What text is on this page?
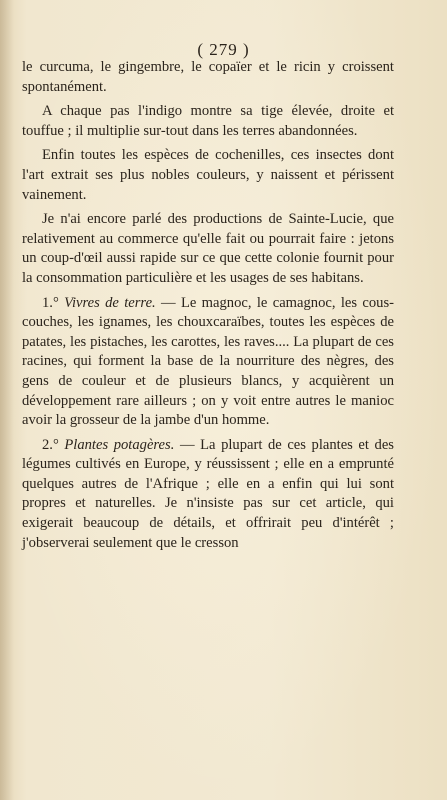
( 279 )

le curcuma, le gingembre, le copaïer et le ricin y croissent spontanément.

A chaque pas l'indigo montre sa tige élevée, droite et touffue ; il multiplie sur-tout dans les terres abandonnées.

Enfin toutes les espèces de cochenilles, ces insectes dont l'art extrait ses plus nobles couleurs, y naissent et périssent vainement.

Je n'ai encore parlé des productions de Sainte-Lucie, que relativement au commerce qu'elle fait ou pourrait faire : jetons un coup-d'œil aussi rapide sur ce que cette colonie fournit pour la consommation particulière et les usages de ses habitans.

1.° Vivres de terre. — Le magnoc, le camagnoc, les cous-couches, les ignames, les chouxcaraïbes, toutes les espèces de patates, les pistaches, les carottes, les raves.... La plupart de ces racines, qui forment la base de la nourriture des nègres, des gens de couleur et de plusieurs blancs, y acquièrent un développement rare ailleurs ; on y voit entre autres le manioc avoir la grosseur de la jambe d'un homme.

2.° Plantes potagères. — La plupart de ces plantes et des légumes cultivés en Europe, y réussissent ; elle en a emprunté quelques autres de l'Afrique ; elle en a enfin qui lui sont propres et naturelles. Je n'insiste pas sur cet article, qui exigerait beaucoup de détails, et offrirait peu d'intérêt ; j'observerai seulement que le cresson
